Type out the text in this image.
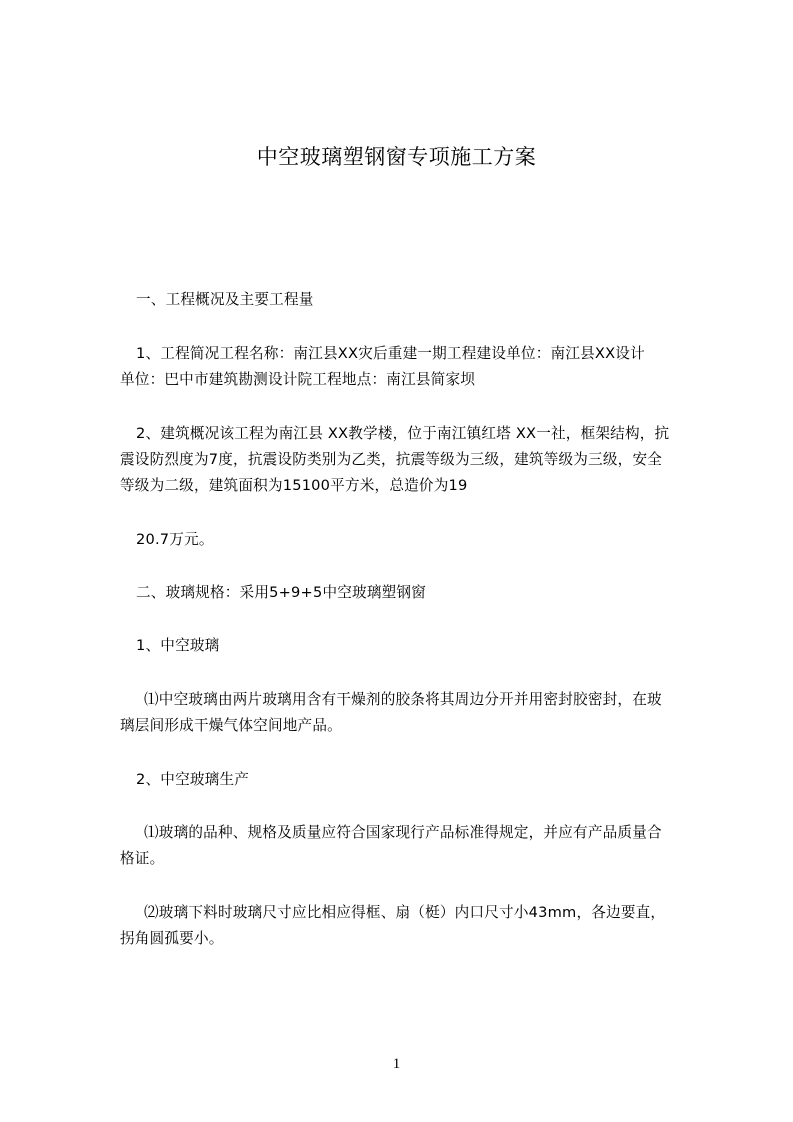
中空玻璃塑钢窗专项施工方案
一、工程概况及主要工程量
1、工程简况工程名称：南江县XX灾后重建一期工程建设单位：南江县XX设计
单位：巴中市建筑勘测设计院工程地点：南江县简家坝
2、建筑概况该工程为南江县 XX教学楼，位于南江镇红塔 XX一社，框架结构，抗
震设防烈度为7度，抗震设防类别为乙类，抗震等级为三级，建筑等级为三级，安全
等级为二级，建筑面积为15100平方米，总造价为19
20.7万元。
二、玻璃规格：采用5+9+5中空玻璃塑钢窗
1、中空玻璃
⑴中空玻璃由两片玻璃用含有干燥剂的胶条将其周边分开并用密封胶密封，在玻
璃层间形成干燥气体空间地产品。
2、中空玻璃生产
⑴玻璃的品种、规格及质量应符合国家现行产品标准得规定，并应有产品质量合
格证。
⑵玻璃下料时玻璃尺寸应比相应得框、扇（梃）内口尺寸小43mm，各边要直，
拐角圆孤要小。
1
